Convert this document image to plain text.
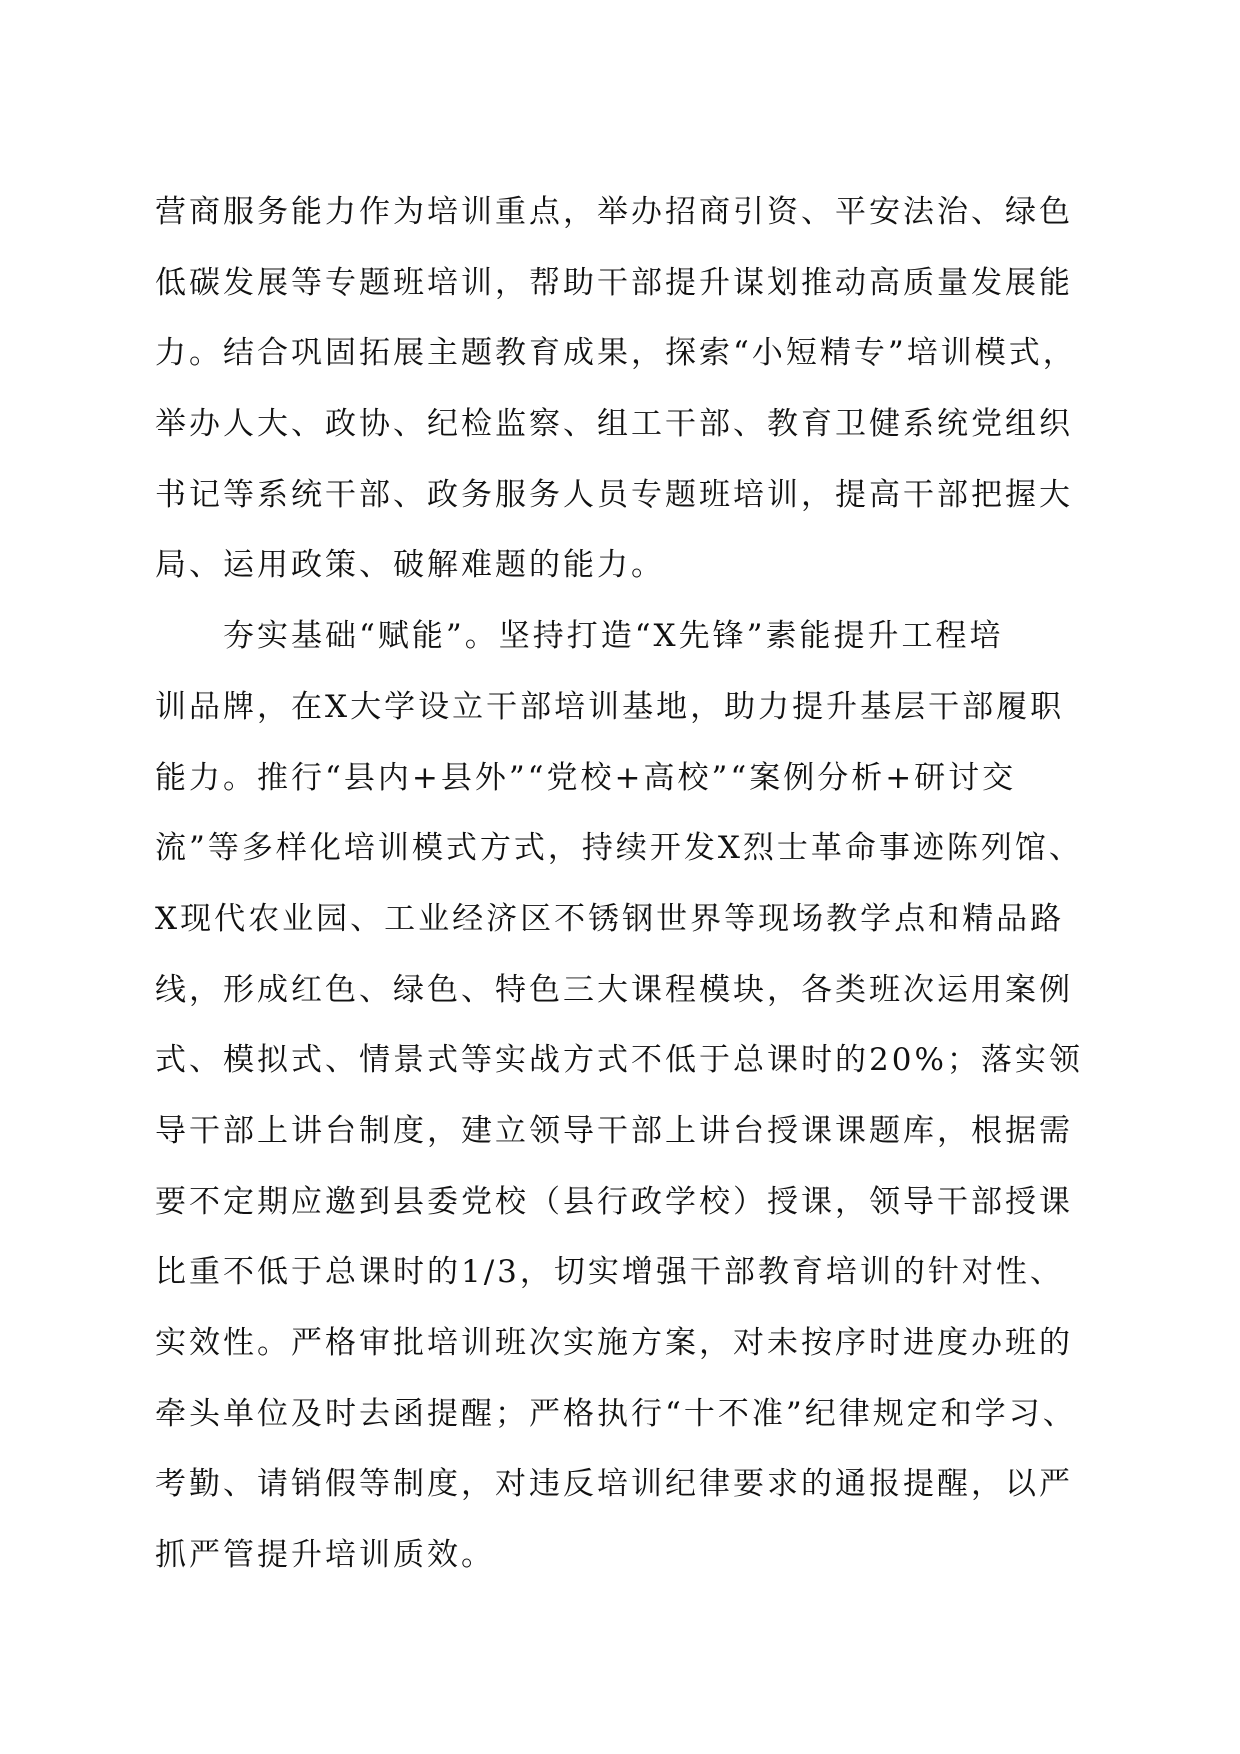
营商服务能力作为培训重点，举办招商引资、平安法治、绿色
低碳发展等专题班培训，帮助干部提升谋划推动高质量发展能
力。结合巩固拓展主题教育成果，探索“小短精专”培训模式，
举办人大、政协、纪检监察、组工干部、教育卫健系统党组织
书记等系统干部、政务服务人员专题班培训，提高干部把握大
局、运用政策、破解难题的能力。
　　夯实基础“赋能”。坚持打造“X先锋”素能提升工程培
训品牌，在X大学设立干部培训基地，助力提升基层干部履职
能力。推行“县内+县外”“党校+高校”“案例分析+研讨交
流”等多样化培训模式方式，持续开发X烈士革命事迹陈列馆、
X现代农业园、工业经济区不锈钢世界等现场教学点和精品路
线，形成红色、绿色、特色三大课程模块，各类班次运用案例
式、模拟式、情景式等实战方式不低于总课时的20%；落实领
导干部上讲台制度，建立领导干部上讲台授课课题库，根据需
要不定期应邀到县委党校（县行政学校）授课，领导干部授课
比重不低于总课时的1/3，切实增强干部教育培训的针对性、
实效性。严格审批培训班次实施方案，对未按序时进度办班的
牵头单位及时去函提醒；严格执行“十不准”纪律规定和学习、
考勤、请销假等制度，对违反培训纪律要求的通报提醒，以严
抓严管提升培训质效。
